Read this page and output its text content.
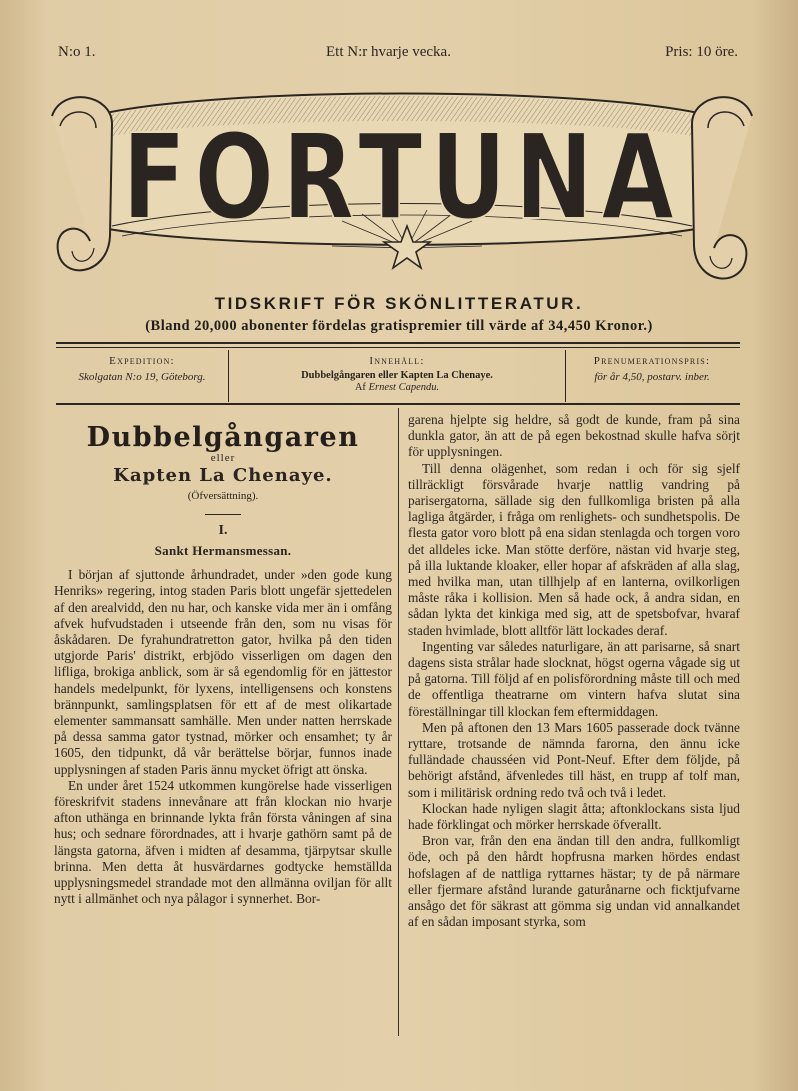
N:o 1.	Ett N:r hvarje vecka.	Pris: 10 öre.
FORTUNA
TIDSKRIFT FÖR SKÖNLITTERATUR.
(Bland 20,000 abonenter fördelas gratispremier till värde af 34,450 Kronor.)
Expedition:
Skolgatan N:o 19, Göteborg.
Innehåll:
Dubbelgångaren eller Kapten La Chenaye.
Af Ernest Capendu.
Prenumerationspris:
för år 4,50, postarv. inber.
Dubbelgångaren
eller
Kapten La Chenaye.
(Öfversättning).
I.
Sankt Hermansmessan.

I början af sjuttonde århundradet, under »den gode kung Henriks» regering, intog staden Paris blott ungefär sjettedelen af den arealvidd, den nu har, och kanske vida mer än i omfång afvek hufvudstaden i utseende från den, som nu visas för åskådaren. De fyrahundratretton gator, hvilka på den tiden utgjorde Paris' distrikt, erbjödo visserligen om dagen den lifliga, brokiga anblick, som är så egendomlig för en jättestor handels medelpunkt, för lyxens, intelligensens och konstens brännpunkt, samlingsplatsen för ett af de mest olikartade elementer sammansatt samhälle. Men under natten herrskade på dessa samma gator tystnad, mörker och ensamhet; ty år 1605, den tidpunkt, då vår berättelse börjar, funnos inade upplysningen af staden Paris ännu mycket öfrigt att önska.

En under året 1524 utkommen kungörelse hade visserligen föreskrifvit stadens innevånare att från klockan nio hvarje afton uthänga en brinnande lykta från första våningen af sina hus; och sednare förordnades, att i hvarje gathörn samt på de längsta gatorna, äfven i midten af desamma, tjärpytsar skulle brinna. Men detta åt husvärdarnes godtycke hemställda upplysningsmedel strandade mot den allmänna oviljan för allt nytt i allmänhet och nya pålagor i synnerhet. Bor-

garena hjelpte sig heldre, så godt de kunde, fram på sina dunkla gator, än att de på egen bekostnad skulle hafva sörjt för upplysningen.

Till denna olägenhet, som redan i och för sig sjelf tillräckligt försvårade hvarje nattlig vandring på parisergatorna, sällade sig den fullkomliga bristen på alla lagliga åtgärder, i fråga om renlighets- och sundhetspolis. De flesta gator voro blott på ena sidan stenlagda och torgen voro det alldeles icke. Man stötte derföre, nästan vid hvarje steg, på illa luktande kloaker, eller hopar af afskräden af alla slag, med hvilka man, utan tillhjelp af en lanterna, ovilkorligen måste råka i kollision. Men så hade ock, å andra sidan, en sådan lykta det kinkiga med sig, att de spetsbofvar, hvaraf staden hvimlade, blott alltför lätt lockades deraf.

Ingenting var således naturligare, än att parisarne, så snart dagens sista strålar hade slocknat, högst ogerna vågade sig ut på gatorna. Till följd af en polisförordning måste till och med de offentliga theatrarne om vintern hafva slutat sina föreställningar till klockan fem eftermiddagen.

Men på aftonen den 13 Mars 1605 passerade dock tvänne ryttare, trotsande de nämnda farorna, den ännu icke fulländade chausséen vid Pont-Neuf. Efter dem följde, på behörigt afstånd, äfvenledes till häst, en trupp af tolf man, som i militärisk ordning redo två och två i ledet.

Klockan hade nyligen slagit åtta; aftonklockans sista ljud hade förklingat och mörker herrskade öfverallt.

Bron var, från den ena ändan till den andra, fullkomligt öde, och på den hårdt hopfrusna marken hördes endast hofslagen af de nattliga ryttarnes hästar; ty de på närmare eller fjermare afstånd lurande gaturånarne och ficktjufvarne ansågo det för säkrast att gömma sig undan vid annalkandet af en sådan imposant styrka, som
